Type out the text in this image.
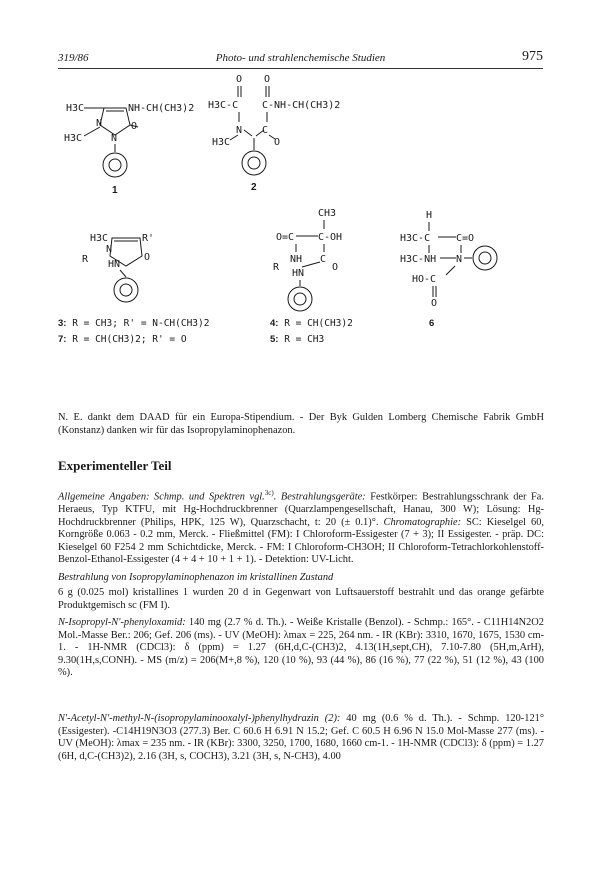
319/86	Photo- und strahlenchemische Studien	975
H3C	NH-CH(CH3)2
H3C
N
N
O
1
O O
H3C-C C-NH-CH(CH3)2
N C
H3C	O
2
H3C	R'
R
N
HN
O
CH3
O=C C-OH
NH C
R
HN
O
H
H3C-C	C=O
H3C-NH N
HO-C
O
3: R = CH3; R' = N-CH(CH3)2
7: R = CH(CH3)2; R' = O
4: R = CH(CH3)2
5: R = CH3
6

N. E. dankt dem DAAD für ein Europa-Stipendium. - Der Byk Gulden Lomberg Chemische Fabrik GmbH (Konstanz) danken wir für das Isopropylaminophenazon.

Experimenteller Teil

Allgemeine Angaben: Schmp. und Spektren vgl.$^{3c)}$. Bestrahlungsgeräte: Festkörper: Bestrahlungsschrank der Fa. Heraeus, Typ KTFU, mit Hg-Hochdruckbrenner (Quarzlampengesellschaft, Hanau, 300 W); Lösung: Hg-Hochdruckbrenner (Philips, HPK, 125 W), Quarzschacht, t: 20 (± 0.1)°. Chromatographie: SC: Kieselgel 60, Korngröße 0.063 - 0.2 mm, Merck. - Fließmittel (FM): I Chloroform-Essigester (7 + 3); II Essigester. - präp. DC: Kieselgel 60 F254 2 mm Schichtdicke, Merck. - FM: I Chloroform-CH3OH; II Chloroform-Tetrachlorkohlenstoff-Benzol-Ethanol-Essigester (4 + 4 + 10 + 1 + 1). - Detektion: UV-Licht.

Bestrahlung von Isopropylaminophenazon im kristallinen Zustand

6 g (0.025 mol) kristallines 1 wurden 20 d in Gegenwart von Luftsauerstoff bestrahlt und das orange gefärbte Produktgemisch sc (FM I).

N-Isopropyl-N'-phenyloxamid: 140 mg (2.7 % d. Th.). - Weiße Kristalle (Benzol). - Schmp.: 165°. - C11H14N2O2 Mol.-Masse Ber.: 206; Gef. 206 (ms). - UV (MeOH): λmax = 225, 264 nm. - IR (KBr): 3310, 1670, 1675, 1530 cm-1. - 1H-NMR (CDCl3): δ (ppm) = 1.27 (6H,d,C-(CH3)2, 4.13(1H,sept,CH), 7.10-7.80 (5H,m,ArH), 9.30(1H,s,CONH). - MS (m/z) = 206(M+,8 %), 120 (10 %), 93 (44 %), 86 (16 %), 77 (22 %), 51 (12 %), 43 (100 %).

N'-Acetyl-N'-methyl-N-(isopropylaminooxalyl-)phenylhydrazin (2): 40 mg (0.6 % d. Th.). - Schmp. 120-121° (Essigester). -C14H19N3O3 (277.3) Ber. C 60.6 H 6.91 N 15.2; Gef. C 60.5 H 6.96 N 15.0 Mol-Masse 277 (ms). - UV (MeOH): λmax = 235 nm. - IR (KBr): 3300, 3250, 1700, 1680, 1660 cm-1. - 1H-NMR (CDCl3): δ (ppm) = 1.27 (6H, d,C-(CH3)2), 2.16 (3H, s, COCH3), 3.21 (3H, s, N-CH3), 4.00
